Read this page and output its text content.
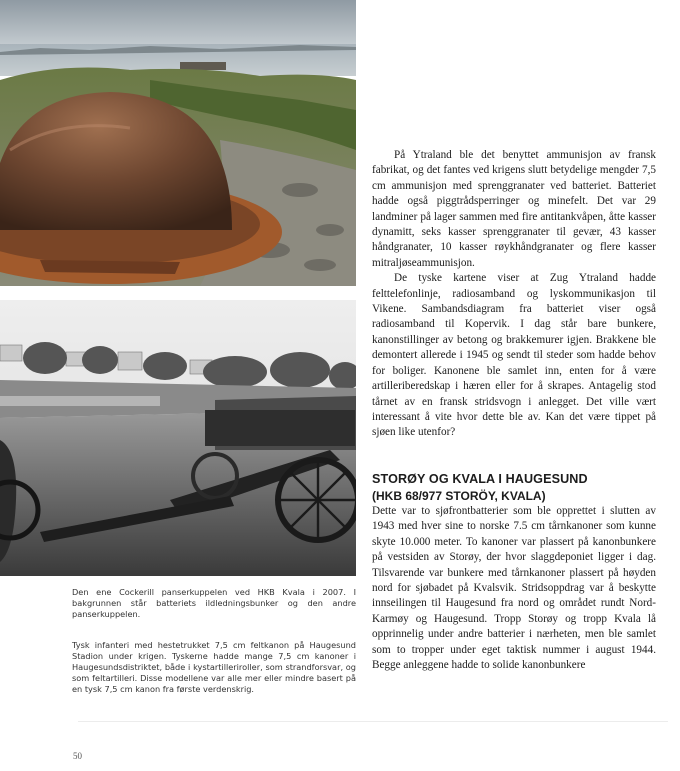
Den ene Cockerill panserkuppelen ved HKB Kvala i 2007. I bakgrunnen står batteriets ildledningsbunker og den andre panserkuppelen.

Tysk infanteri med hestetrukket 7,5 cm feltkanon på Haugesund Stadion under krigen. Tyskerne hadde mange 7,5 cm kanoner i Haugesundsdistriktet, både i kystartilleriroller, som strandforsvar, og som feltartilleri. Disse modellene var alle mer eller mindre basert på en tysk 7,5 cm kanon fra første verdenskrig.

På Ytraland ble det benyttet ammunisjon av fransk fabrikat, og det fantes ved krigens slutt betydelige mengder 7,5 cm ammunisjon med sprenggranater ved batteriet. Batteriet hadde også piggtrådsperringer og minefelt. Det var 29 landminer på lager sammen med fire antitankvåpen, åtte kasser dynamitt, seks kasser sprenggranater til gevær, 43 kasser håndgranater, 10 kasser røykhåndgranater og flere kasser mitraljøseammunisjon.

De tyske kartene viser at Zug Ytraland hadde felttelefonlinje, radiosamband og lyskommunikasjon til Vikene. Sambandsdiagram fra batteriet viser også radiosamband til Kopervik. I dag står bare bunkere, kanonstillinger av betong og brakkemurer igjen. Brakkene ble demontert allerede i 1945 og sendt til steder som hadde behov for boliger. Kanonene ble samlet inn, enten for å være artilleriberedskap i hæren eller for å skrapes. Antagelig stod tårnet av en fransk stridsvogn i anlegget. Det ville vært interessant å vite hvor dette ble av. Kan det være tippet på sjøen like utenfor?

STORØY OG KVALA I HAUGESUND
(HKB 68/977 STORÖY, KVALA)

Dette var to sjøfrontbatterier som ble opprettet i slutten av 1943 med hver sine to norske 7.5 cm tårnkanoner som kunne skyte 10.000 meter. To kanoner var plassert på kanonbunkere på vestsiden av Storøy, der hvor slaggdeponiet ligger i dag. Tilsvarende var bunkere med tårnkanoner plassert på høyden nord for sjøbadet på Kvalsvik. Stridsoppdrag var å beskytte innseilingen til Haugesund fra nord og området rundt Nord-Karmøy og Haugesund. Tropp Storøy og tropp Kvala lå opprinnelig under andre batterier i nærheten, men ble samlet som to tropper under eget taktisk nummer i august 1944. Begge anleggene hadde to solide kanonbunkere

50
